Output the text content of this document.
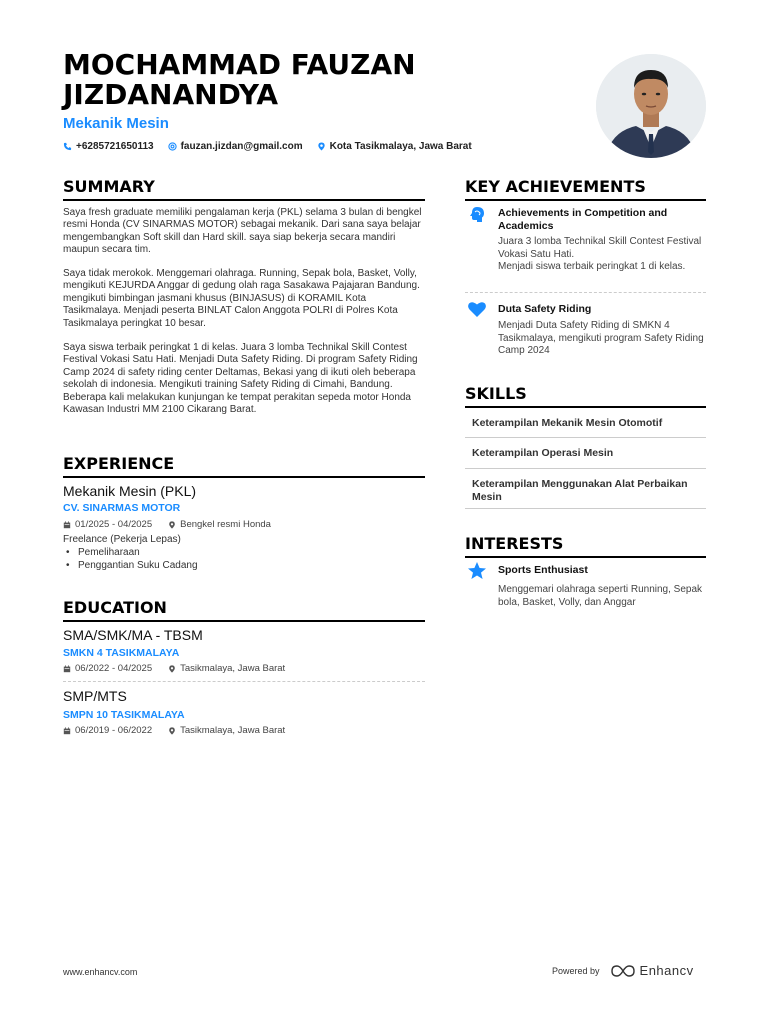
MOCHAMMAD FAUZAN JIZDANANDYA
Mekanik Mesin
+6285721650113	fauzan.jizdan@gmail.com	Kota Tasikmalaya, Jawa Barat
SUMMARY
Saya fresh graduate memiliki pengalaman kerja (PKL) selama 3 bulan di bengkel resmi Honda (CV SINARMAS MOTOR) sebagai mekanik. Dari sana saya belajar mengembangkan Soft skill dan Hard skill. saya siap bekerja secara mandiri maupun secara tim.
Saya tidak merokok. Menggemari olahraga. Running, Sepak bola, Basket, Volly, mengikuti KEJURDA Anggar di gedung olah raga Sasakawa Pajajaran Bandung. mengikuti bimbingan jasmani khusus (BINJASUS) di KORAMIL Kota Tasikmalaya. Menjadi peserta BINLAT Calon Anggota POLRI di Polres Kota Tasikmalaya peringkat 10 besar.
Saya siswa terbaik peringkat 1 di kelas. Juara 3 lomba Technikal Skill Contest Festival Vokasi Satu Hati. Menjadi Duta Safety Riding. Di program Safety Riding Camp 2024 di safety riding center Deltamas, Bekasi yang di ikuti oleh beberapa sekolah di indonesia. Mengikuti training Safety Riding di Cimahi, Bandung. Beberapa kali melakukan kunjungan ke tempat perakitan sepeda motor Honda Kawasan Industri MM 2100 Cikarang Barat.
EXPERIENCE
Mekanik Mesin (PKL)
CV. SINARMAS MOTOR
01/2025 - 04/2025	Bengkel resmi Honda
Freelance (Pekerja Lepas)
• Pemeliharaan
• Penggantian Suku Cadang
EDUCATION
SMA/SMK/MA - TBSM
SMKN 4 TASIKMALAYA
06/2022 - 04/2025	Tasikmalaya, Jawa Barat
SMP/MTS
SMPN 10 TASIKMALAYA
06/2019 - 06/2022	Tasikmalaya, Jawa Barat
KEY ACHIEVEMENTS
Achievements in Competition and Academics
Juara 3 lomba Technikal Skill Contest Festival Vokasi Satu Hati.
Menjadi siswa terbaik peringkat 1 di kelas.
Duta Safety Riding
Menjadi Duta Safety Riding di SMKN 4 Tasikmalaya, mengikuti program Safety Riding Camp 2024
SKILLS
Keterampilan Mekanik Mesin Otomotif
Keterampilan Operasi Mesin
Keterampilan Menggunakan Alat Perbaikan Mesin
INTERESTS
Sports Enthusiast
Menggemari olahraga seperti Running, Sepak bola, Basket, Volly, dan Anggar
www.enhancv.com	Powered by	Enhancv
